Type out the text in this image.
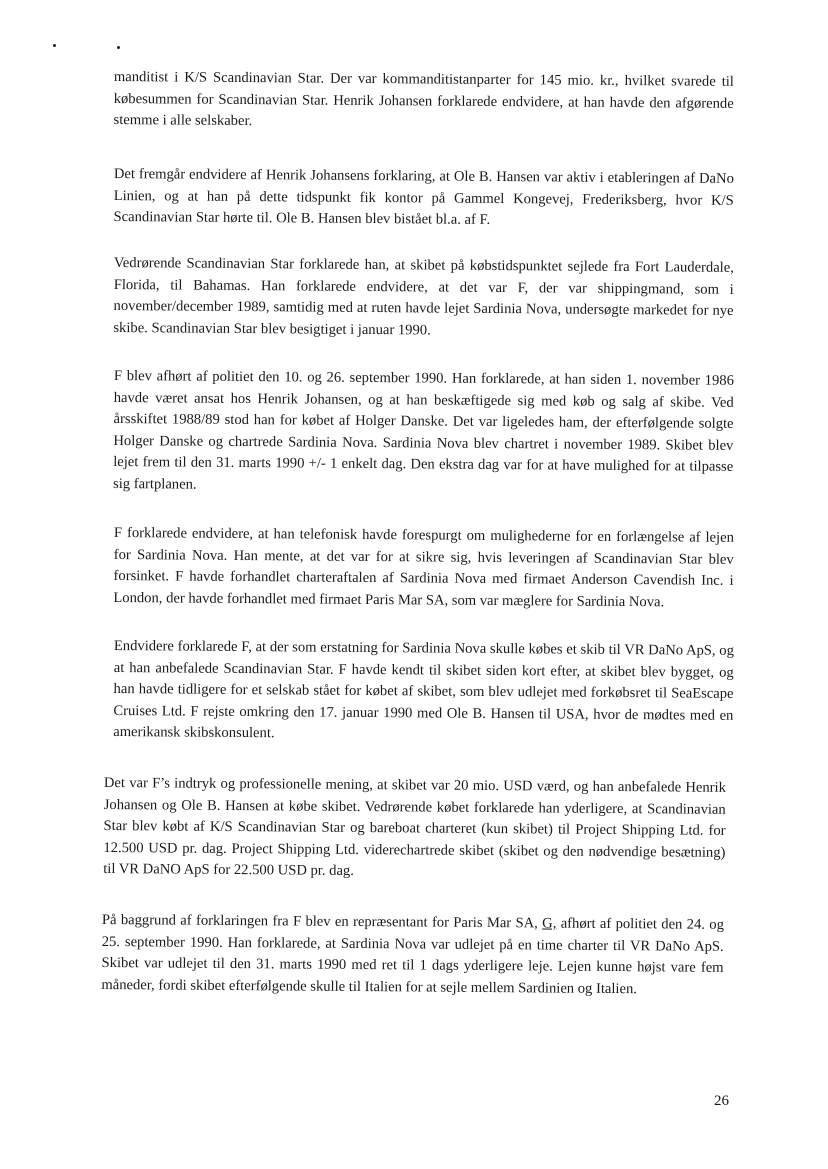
manditist i K/S Scandinavian Star. Der var kommanditistanparter for 145 mio. kr., hvilket svarede til købesummen for Scandinavian Star. Henrik Johansen forklarede endvidere, at han havde den afgørende stemme i alle selskaber.

Det fremgår endvidere af Henrik Johansens forklaring, at Ole B. Hansen var aktiv i etableringen af DaNo Linien, og at han på dette tidspunkt fik kontor på Gammel Kongevej, Frederiksberg, hvor K/S Scandinavian Star hørte til. Ole B. Hansen blev bistået bl.a. af F.

Vedrørende Scandinavian Star forklarede han, at skibet på købstidspunktet sejlede fra Fort Lauderdale, Florida, til Bahamas. Han forklarede endvidere, at det var F, der var shippingmand, som i november/december 1989, samtidig med at ruten havde lejet Sardinia Nova, undersøgte markedet for nye skibe. Scandinavian Star blev besigtiget i januar 1990.

F blev afhørt af politiet den 10. og 26. september 1990. Han forklarede, at han siden 1. november 1986 havde været ansat hos Henrik Johansen, og at han beskæftigede sig med køb og salg af skibe. Ved årsskiftet 1988/89 stod han for købet af Holger Danske. Det var ligeledes ham, der efterfølgende solgte Holger Danske og chartrede Sardinia Nova. Sardinia Nova blev chartret i november 1989. Skibet blev lejet frem til den 31. marts 1990 +/- 1 enkelt dag. Den ekstra dag var for at have mulighed for at tilpasse sig fartplanen.

F forklarede endvidere, at han telefonisk havde forespurgt om mulighederne for en forlængelse af lejen for Sardinia Nova. Han mente, at det var for at sikre sig, hvis leveringen af Scandinavian Star blev forsinket. F havde forhandlet charteraftalen af Sardinia Nova med firmaet Anderson Cavendish Inc. i London, der havde forhandlet med firmaet Paris Mar SA, som var mæglere for Sardinia Nova.

Endvidere forklarede F, at der som erstatning for Sardinia Nova skulle købes et skib til VR DaNo ApS, og at han anbefalede Scandinavian Star. F havde kendt til skibet siden kort efter, at skibet blev bygget, og han havde tidligere for et selskab stået for købet af skibet, som blev udlejet med forkøbsret til SeaEscape Cruises Ltd. F rejste omkring den 17. januar 1990 med Ole B. Hansen til USA, hvor de mødtes med en amerikansk skibskonsulent.

Det var F’s indtryk og professionelle mening, at skibet var 20 mio. USD værd, og han anbefalede Henrik Johansen og Ole B. Hansen at købe skibet. Vedrørende købet forklarede han yderligere, at Scandinavian Star blev købt af K/S Scandinavian Star og bareboat charteret (kun skibet) til Project Shipping Ltd. for 12.500 USD pr. dag. Project Shipping Ltd. viderechartrede skibet (skibet og den nødvendige besætning) til VR DaNO ApS for 22.500 USD pr. dag.

På baggrund af forklaringen fra F blev en repræsentant for Paris Mar SA, G, afhørt af politiet den 24. og 25. september 1990. Han forklarede, at Sardinia Nova var udlejet på en time charter til VR DaNo ApS. Skibet var udlejet til den 31. marts 1990 med ret til 1 dags yderligere leje. Lejen kunne højst vare fem måneder, fordi skibet efterfølgende skulle til Italien for at sejle mellem Sardinien og Italien.

26
